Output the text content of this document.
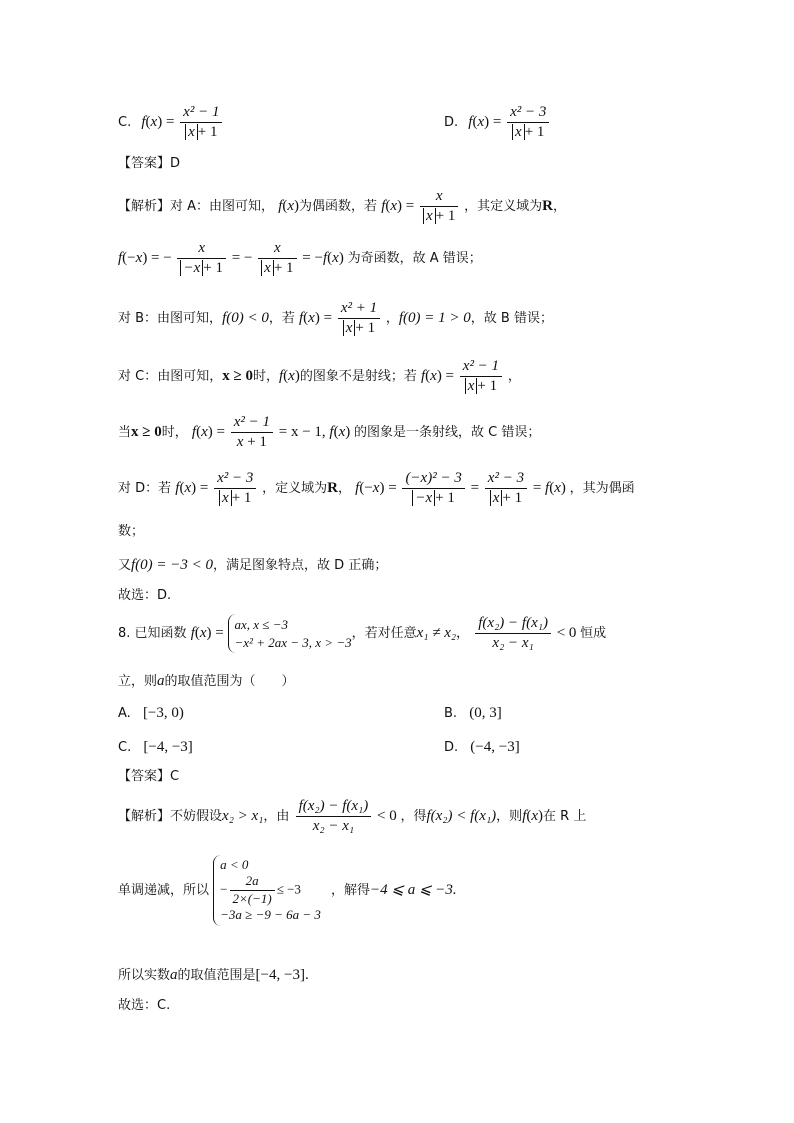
C. $f(x) = \frac{\text{x² − 1}}{x + 1}$	D. $f(x) = \frac{\text{x² − 3}}{x + 1}$
【答案】D
【解析】对 A：由图可知， f(x)为偶函数，若 $f(x) = \frac{x}{x + 1}$ ，其定义域为R，
f(−x) = − $\frac{x}{-x + 1}$ = − $\frac{x}{x + 1} = -f(x)$ 为奇函数，故 A 错误；
对 B：由图可知，f(0) < 0，若 $f(x) = \frac{\text{x² + 1}}{x + 1}$ ，f(0) = 1 > 0，故 B 错误；
对 C：由图可知，x ≥ 0时，f(x)的图象不是射线；若 $f(x) = \frac{\text{x² − 1}}{x + 1}$ ，
当x ≥ 0时， $f(x) = \frac{\text{x² − 1}}{x + 1} = x - 1$, f(x) 的图象是一条射线，故 C 错误；
对 D：若 $f(x) = \frac{\text{x² − 3}}{x + 1}$ ，定义域为R， $f(-x) = \frac{\text{(−x)² − 3}}{-x + 1} = \frac{\text{x² − 3}}{x + 1} = f(x)$ ，其为偶函
数；
又f(0) = −3 < 0，满足图象特点，故 D 正确；
故选：D.
8. 已知函数 f(x) =
ax, x ≤ −3
−x² + 2ax − 3, x > −3
，若对任意x₁ ≠ x₂， $\frac{\text{f(x₂) − f(x₁)}}{\text{x₂ − x₁}} < 0$ 恒成
立，则a的取值范围为（　　）
A. [−3, 0)	B. (0, 3]
C. [−4, −3]	D. (−4, −3]
【答案】C
【解析】不妨假设x₂ > x₁，由 $\frac{\text{f(x₂) − f(x₁)}}{\text{x₂ − x₁}} < 0$ ，得f(x₂) < f(x₁)，则f(x)在 R 上
单调递减，所以
a < 0
− $\frac{2a}{2\times(-1)} \le -3$
−3a ≥ −9 − 6a − 3
，解得−4 ⩽ a ⩽ −3.
所以实数a的取值范围是[−4, −3].
故选：C.
